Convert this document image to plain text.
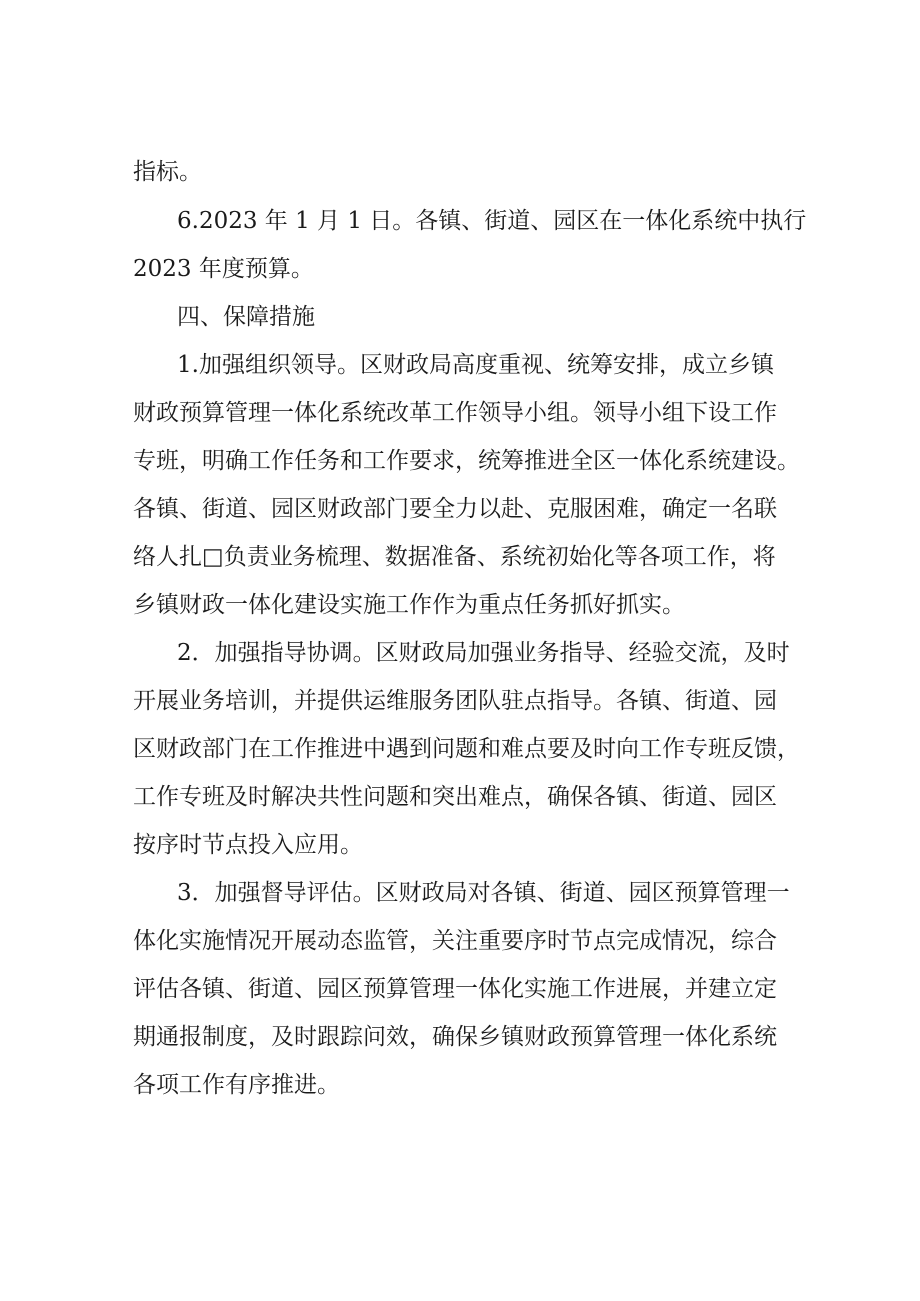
指标。
6.2023 年 1 月 1 日。各镇、街道、园区在一体化系统中执行
2023 年度预算。
四、保障措施
1.加强组织领导。区财政局高度重视、统筹安排，成立乡镇
财政预算管理一体化系统改革工作领导小组。领导小组下设工作
专班，明确工作任务和工作要求，统筹推进全区一体化系统建设。
各镇、街道、园区财政部门要全力以赴、克服困难，确定一名联
络人扎□负责业务梳理、数据准备、系统初始化等各项工作，将
乡镇财政一体化建设实施工作作为重点任务抓好抓实。
2．加强指导协调。区财政局加强业务指导、经验交流，及时
开展业务培训，并提供运维服务团队驻点指导。各镇、街道、园
区财政部门在工作推进中遇到问题和难点要及时向工作专班反馈，
工作专班及时解决共性问题和突出难点，确保各镇、街道、园区
按序时节点投入应用。
3．加强督导评估。区财政局对各镇、街道、园区预算管理一
体化实施情况开展动态监管，关注重要序时节点完成情况，综合
评估各镇、街道、园区预算管理一体化实施工作进展，并建立定
期通报制度，及时跟踪问效，确保乡镇财政预算管理一体化系统
各项工作有序推进。
